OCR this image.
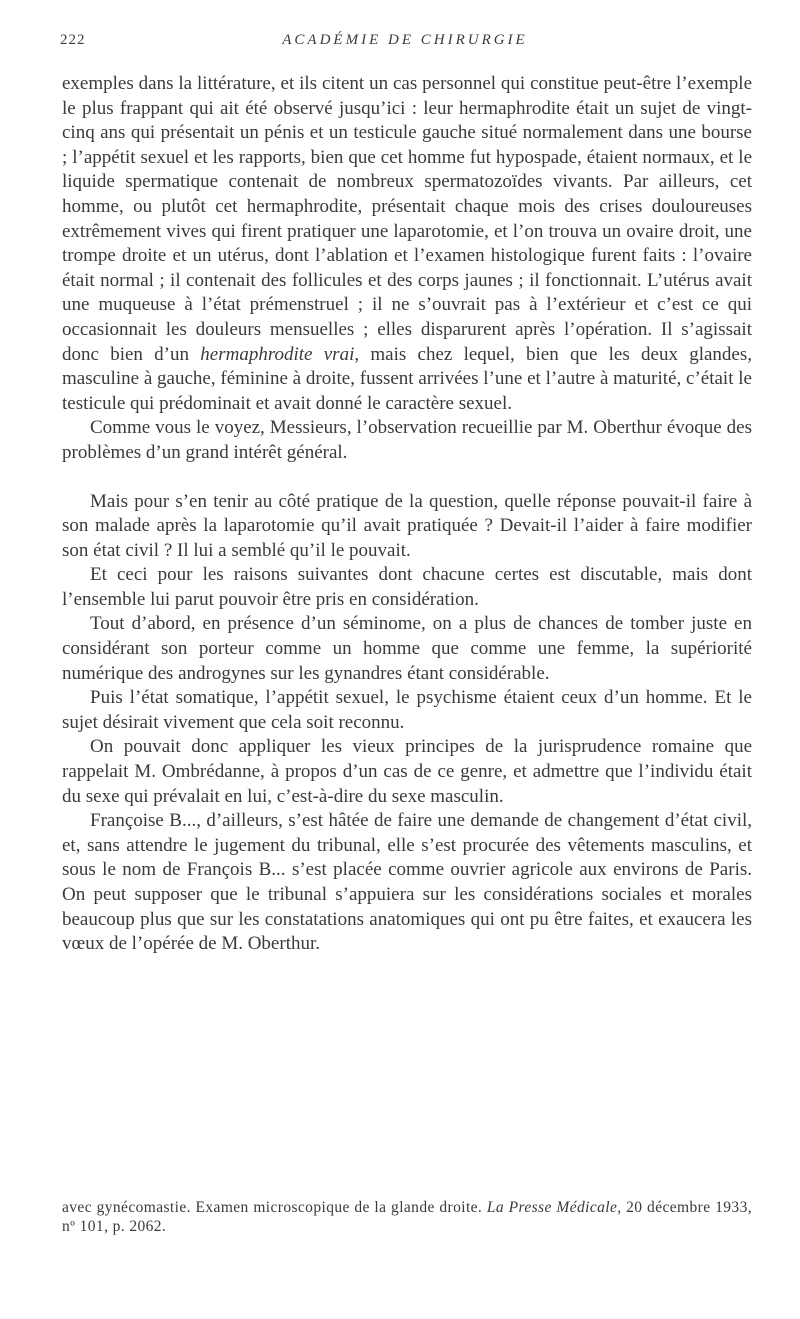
222	ACADÉMIE DE CHIRURGIE

exemples dans la littérature, et ils citent un cas personnel qui constitue peut-être l’exemple le plus frappant qui ait été observé jusqu’ici : leur hermaphrodite était un sujet de vingt-cinq ans qui présentait un pénis et un testicule gauche situé normalement dans une bourse ; l’appétit sexuel et les rapports, bien que cet homme fut hypospade, étaient normaux, et le liquide spermatique contenait de nombreux spermatozoïdes vivants. Par ailleurs, cet homme, ou plutôt cet hermaphrodite, présentait chaque mois des crises douloureuses extrêmement vives qui firent pratiquer une laparotomie, et l’on trouva un ovaire droit, une trompe droite et un utérus, dont l’ablation et l’examen histologique furent faits : l’ovaire était normal ; il contenait des follicules et des corps jaunes ; il fonctionnait. L’utérus avait une muqueuse à l’état prémenstruel ; il ne s’ouvrait pas à l’extérieur et c’est ce qui occasionnait les douleurs mensuelles ; elles disparurent après l’opération. Il s’agissait donc bien d’un hermaphrodite vrai, mais chez lequel, bien que les deux glandes, masculine à gauche, féminine à droite, fussent arrivées l’une et l’autre à maturité, c’était le testicule qui prédominait et avait donné le caractère sexuel.

Comme vous le voyez, Messieurs, l’observation recueillie par M. Oberthur évoque des problèmes d’un grand intérêt général.

Mais pour s’en tenir au côté pratique de la question, quelle réponse pouvait-il faire à son malade après la laparotomie qu’il avait pratiquée ? Devait-il l’aider à faire modifier son état civil ? Il lui a semblé qu’il le pouvait.

Et ceci pour les raisons suivantes dont chacune certes est discutable, mais dont l’ensemble lui parut pouvoir être pris en considération.

Tout d’abord, en présence d’un séminome, on a plus de chances de tomber juste en considérant son porteur comme un homme que comme une femme, la supériorité numérique des androgynes sur les gynandres étant considérable.

Puis l’état somatique, l’appétit sexuel, le psychisme étaient ceux d’un homme. Et le sujet désirait vivement que cela soit reconnu.

On pouvait donc appliquer les vieux principes de la jurisprudence romaine que rappelait M. Ombrédanne, à propos d’un cas de ce genre, et admettre que l’individu était du sexe qui prévalait en lui, c’est-à-dire du sexe masculin.

Françoise B..., d’ailleurs, s’est hâtée de faire une demande de changement d’état civil, et, sans attendre le jugement du tribunal, elle s’est procurée des vêtements masculins, et sous le nom de François B... s’est placée comme ouvrier agricole aux environs de Paris. On peut supposer que le tribunal s’appuiera sur les considérations sociales et morales beaucoup plus que sur les constatations anatomiques qui ont pu être faites, et exaucera les vœux de l’opérée de M. Oberthur.

avec gynécomastie. Examen microscopique de la glande droite. La Presse Médicale, 20 décembre 1933, nº 101, p. 2062.
